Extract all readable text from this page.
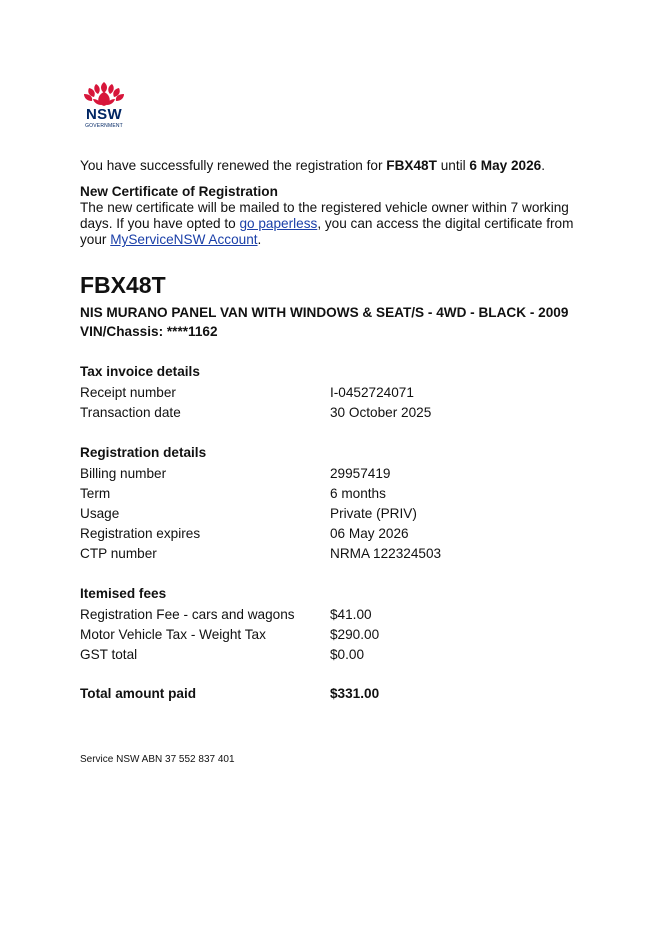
NSW
GOVERNMENT

You have successfully renewed the registration for FBX48T until 6 May 2026.

New Certificate of Registration

The new certificate will be mailed to the registered vehicle owner within 7 working days. If you have opted to go paperless, you can access the digital certificate from your MyServiceNSW Account.

FBX48T

NIS MURANO PANEL VAN WITH WINDOWS & SEAT/S - 4WD - BLACK - 2009

VIN/Chassis: ****1162

Tax invoice details
Receipt number	I-0452724071
Transaction date	30 October 2025
Registration details
Billing number	29957419
Term	6 months
Usage	Private (PRIV)
Registration expires	06 May 2026
CTP number	NRMA 122324503
Itemised fees
Registration Fee - cars and wagons	$41.00
Motor Vehicle Tax - Weight Tax	$290.00
GST total	$0.00
Total amount paid	$331.00
Service NSW ABN 37 552 837 401
